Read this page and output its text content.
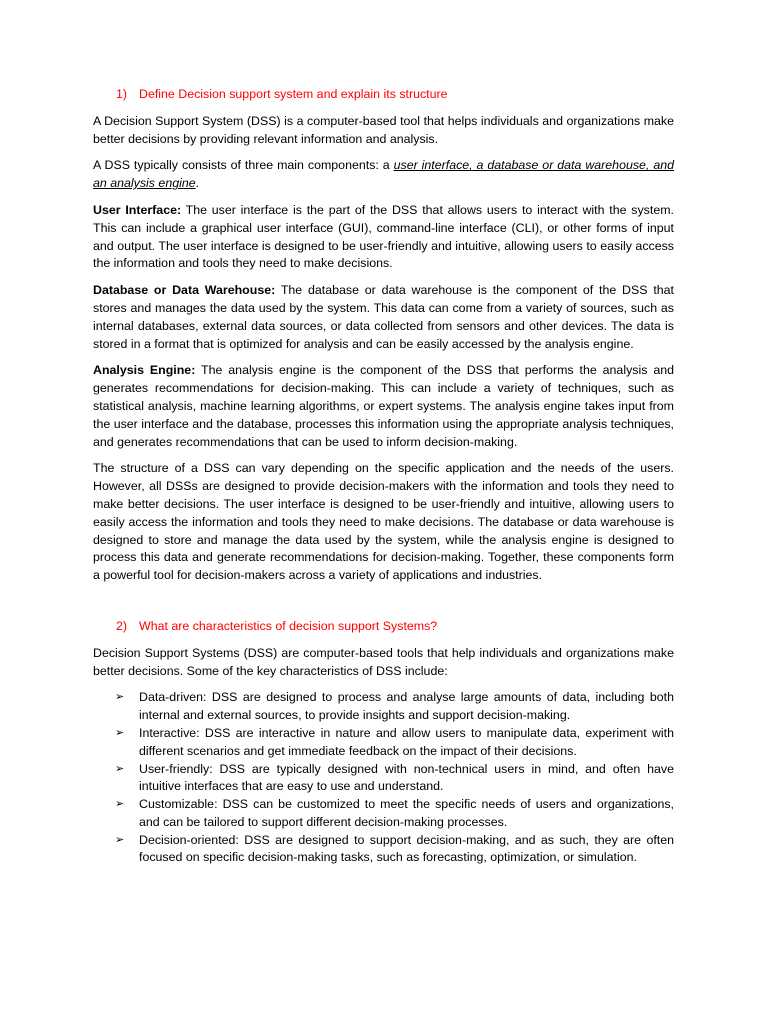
1) Define Decision support system and explain its structure

A Decision Support System (DSS) is a computer-based tool that helps individuals and organizations make better decisions by providing relevant information and analysis.

A DSS typically consists of three main components: a user interface, a database or data warehouse, and an analysis engine.

User Interface: The user interface is the part of the DSS that allows users to interact with the system. This can include a graphical user interface (GUI), command-line interface (CLI), or other forms of input and output. The user interface is designed to be user-friendly and intuitive, allowing users to easily access the information and tools they need to make decisions.

Database or Data Warehouse: The database or data warehouse is the component of the DSS that stores and manages the data used by the system. This data can come from a variety of sources, such as internal databases, external data sources, or data collected from sensors and other devices. The data is stored in a format that is optimized for analysis and can be easily accessed by the analysis engine.

Analysis Engine: The analysis engine is the component of the DSS that performs the analysis and generates recommendations for decision-making. This can include a variety of techniques, such as statistical analysis, machine learning algorithms, or expert systems. The analysis engine takes input from the user interface and the database, processes this information using the appropriate analysis techniques, and generates recommendations that can be used to inform decision-making.

The structure of a DSS can vary depending on the specific application and the needs of the users. However, all DSSs are designed to provide decision-makers with the information and tools they need to make better decisions. The user interface is designed to be user-friendly and intuitive, allowing users to easily access the information and tools they need to make decisions. The database or data warehouse is designed to store and manage the data used by the system, while the analysis engine is designed to process this data and generate recommendations for decision-making. Together, these components form a powerful tool for decision-makers across a variety of applications and industries.

2) What are characteristics of decision support Systems?

Decision Support Systems (DSS) are computer-based tools that help individuals and organizations make better decisions. Some of the key characteristics of DSS include:

➢ Data-driven: DSS are designed to process and analyse large amounts of data, including both internal and external sources, to provide insights and support decision-making.
➢ Interactive: DSS are interactive in nature and allow users to manipulate data, experiment with different scenarios and get immediate feedback on the impact of their decisions.
➢ User-friendly: DSS are typically designed with non-technical users in mind, and often have intuitive interfaces that are easy to use and understand.
➢ Customizable: DSS can be customized to meet the specific needs of users and organizations, and can be tailored to support different decision-making processes.
➢ Decision-oriented: DSS are designed to support decision-making, and as such, they are often focused on specific decision-making tasks, such as forecasting, optimization, or simulation.
